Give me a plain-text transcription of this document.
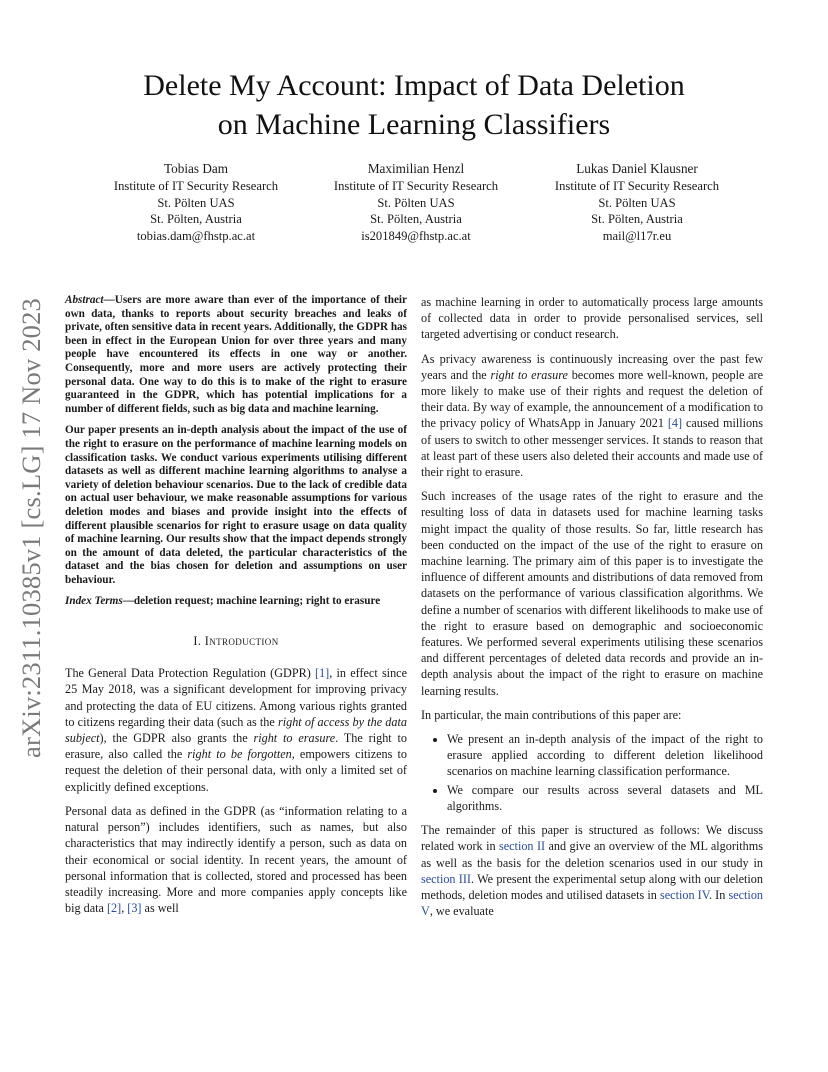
arXiv:2311.10385v1 [cs.LG] 17 Nov 2023
Delete My Account: Impact of Data Deletion
on Machine Learning Classifiers
Tobias Dam
Institute of IT Security Research
St. Pölten UAS
St. Pölten, Austria
tobias.dam@fhstp.ac.at
Maximilian Henzl
Institute of IT Security Research
St. Pölten UAS
St. Pölten, Austria
is201849@fhstp.ac.at
Lukas Daniel Klausner
Institute of IT Security Research
St. Pölten UAS
St. Pölten, Austria
mail@l17r.eu

Abstract—Users are more aware than ever of the importance of their own data, thanks to reports about security breaches and leaks of private, often sensitive data in recent years. Additionally, the GDPR has been in effect in the European Union for over three years and many people have encountered its effects in one way or another. Consequently, more and more users are actively protecting their personal data. One way to do this is to make of the right to erasure guaranteed in the GDPR, which has potential implications for a number of different fields, such as big data and machine learning.

Our paper presents an in-depth analysis about the impact of the use of the right to erasure on the performance of machine learning models on classification tasks. We conduct various experiments utilising different datasets as well as different machine learning algorithms to analyse a variety of deletion behaviour scenarios. Due to the lack of credible data on actual user behaviour, we make reasonable assumptions for various deletion modes and biases and provide insight into the effects of different plausible scenarios for right to erasure usage on data quality of machine learning. Our results show that the impact depends strongly on the amount of data deleted, the particular characteristics of the dataset and the bias chosen for deletion and assumptions on user behaviour.

Index Terms—deletion request; machine learning; right to erasure

I. Introduction

The General Data Protection Regulation (GDPR) [1], in effect since 25 May 2018, was a significant development for improving privacy and protecting the data of EU citizens. Among various rights granted to citizens regarding their data (such as the right of access by the data subject), the GDPR also grants the right to erasure. The right to erasure, also called the right to be forgotten, empowers citizens to request the deletion of their personal data, with only a limited set of explicitly defined exceptions.

Personal data as defined in the GDPR (as “information relating to a natural person”) includes identifiers, such as names, but also characteristics that may indirectly identify a person, such as data on their economical or social identity. In recent years, the amount of personal information that is collected, stored and processed has been steadily increasing. More and more companies apply concepts like big data [2], [3] as well

as machine learning in order to automatically process large amounts of collected data in order to provide personalised services, sell targeted advertising or conduct research.

As privacy awareness is continuously increasing over the past few years and the right to erasure becomes more well-known, people are more likely to make use of their rights and request the deletion of their data. By way of example, the announcement of a modification to the privacy policy of WhatsApp in January 2021 [4] caused millions of users to switch to other messenger services. It stands to reason that at least part of these users also deleted their accounts and made use of their right to erasure.

Such increases of the usage rates of the right to erasure and the resulting loss of data in datasets used for machine learning tasks might impact the quality of those results. So far, little research has been conducted on the impact of the use of the right to erasure on machine learning. The primary aim of this paper is to investigate the influence of different amounts and distributions of data removed from datasets on the performance of various classification algorithms. We define a number of scenarios with different likelihoods to make use of the right to erasure based on demographic and socioeconomic features. We performed several experiments utilising these scenarios and different percentages of deleted data records and provide an in-depth analysis about the impact of the right to erasure on machine learning results.

In particular, the main contributions of this paper are:

• We present an in-depth analysis of the impact of the right to erasure applied according to different deletion likelihood scenarios on machine learning classification performance.
• We compare our results across several datasets and ML algorithms.

The remainder of this paper is structured as follows: We discuss related work in section II and give an overview of the ML algorithms as well as the basis for the deletion scenarios used in our study in section III. We present the experimental setup along with our deletion methods, deletion modes and utilised datasets in section IV. In section V, we evaluate
